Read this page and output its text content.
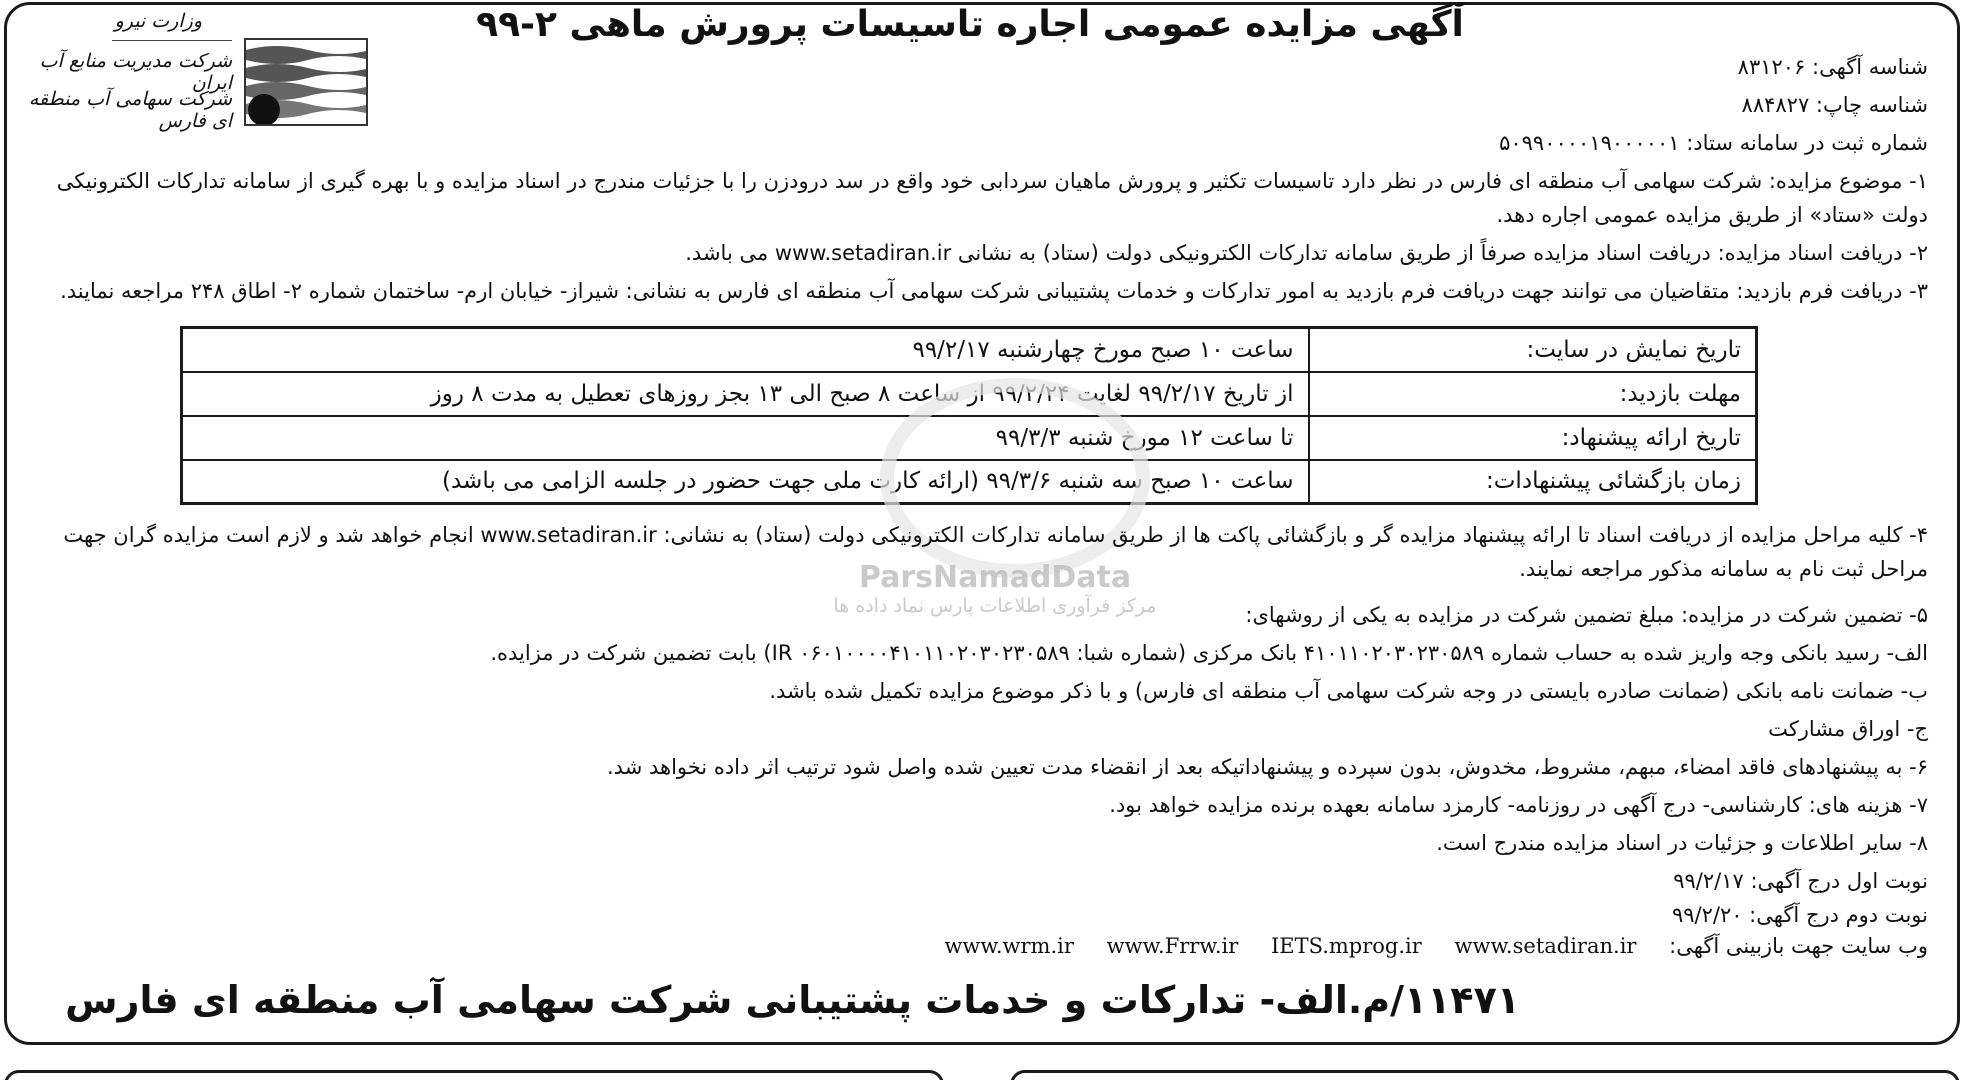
وزارت نیرو
شرکت مدیریت منابع آب ایران
شرکت سهامی آب منطقه ای فارس
آگهی مزایده عمومی اجاره تاسیسات پرورش ماهی ۲-۹۹
شناسه آگهی: ۸۳۱۲۰۶
شناسه چاپ: ۸۸۴۸۲۷
شماره ثبت در سامانه ستاد: ۵۰۹۹۰۰۰۰۱۹۰۰۰۰۰۱
۱- موضوع مزایده: شرکت سهامی آب منطقه ای فارس در نظر دارد تاسیسات تکثیر و پرورش ماهیان سردابی خود واقع در سد درودزن را با جزئیات مندرج در اسناد مزایده و با بهره گیری از سامانه تدارکات الکترونیکی دولت «ستاد» از طریق مزایده عمومی اجاره دهد.
۲- دریافت اسناد مزایده: دریافت اسناد مزایده صرفاً از طریق سامانه تدارکات الکترونیکی دولت (ستاد) به نشانی www.setadiran.ir می باشد.
۳- دریافت فرم بازدید: متقاضیان می توانند جهت دریافت فرم بازدید به امور تدارکات و خدمات پشتیبانی شرکت سهامی آب منطقه ای فارس به نشانی: شیراز- خیابان ارم- ساختمان شماره ۲- اطاق ۲۴۸ مراجعه نمایند.
تاریخ نمایش در سایت:	ساعت ۱۰ صبح مورخ چهارشنبه ۹۹/۲/۱۷
مهلت بازدید:	از تاریخ ۹۹/۲/۱۷ لغایت ۹۹/۲/۲۴ از ساعت ۸ صبح الی ۱۳ بجز روزهای تعطیل به مدت ۸ روز
تاریخ ارائه پیشنهاد:	تا ساعت ۱۲ مورخ شنبه ۹۹/۳/۳
زمان بازگشائی پیشنهادات:	ساعت ۱۰ صبح سه شنبه ۹۹/۳/۶ (ارائه کارت ملی جهت حضور در جلسه الزامی می باشد)
۴- کلیه مراحل مزایده از دریافت اسناد تا ارائه پیشنهاد مزایده گر و بازگشائی پاکت ها از طریق سامانه تدارکات الکترونیکی دولت (ستاد) به نشانی: www.setadiran.ir انجام خواهد شد و لازم است مزایده گران جهت مراحل ثبت نام به سامانه مذکور مراجعه نمایند.
۵- تضمین شرکت در مزایده: مبلغ تضمین شرکت در مزایده به یکی از روشهای:
الف- رسید بانکی وجه واریز شده به حساب شماره ۴۱۰۱۱۰۲۰۳۰۲۳۰۵۸۹ بانک مرکزی (شماره شبا: IR ۰۶۰۱۰۰۰۰۴۱۰۱۱۰۲۰۳۰۲۳۰۵۸۹) بابت تضمین شرکت در مزایده.
ب- ضمانت نامه بانکی (ضمانت صادره بایستی در وجه شرکت سهامی آب منطقه ای فارس) و با ذکر موضوع مزایده تکمیل شده باشد.
ج- اوراق مشارکت
۶- به پیشنهادهای فاقد امضاء، مبهم، مشروط، مخدوش، بدون سپرده و پیشنهاداتیکه بعد از انقضاء مدت تعیین شده واصل شود ترتیب اثر داده نخواهد شد.
۷- هزینه های: کارشناسی- درج آگهی در روزنامه- کارمزد سامانه بعهده برنده مزایده خواهد بود.
۸- سایر اطلاعات و جزئیات در اسناد مزایده مندرج است.
نوبت اول درج آگهی: ۹۹/۲/۱۷
نوبت دوم درج آگهی: ۹۹/۲/۲۰
ParsNamadData
مرکز فرآوری اطلاعات پارس نماد داده ها
وب سایت جهت بازبینی آگهی: www.wrm.ir www.Frrw.ir IETS.mprog.ir www.setadiran.ir
۱۱۴۷۱/م.الف- تدارکات و خدمات پشتیبانی شرکت سهامی آب منطقه ای فارس
